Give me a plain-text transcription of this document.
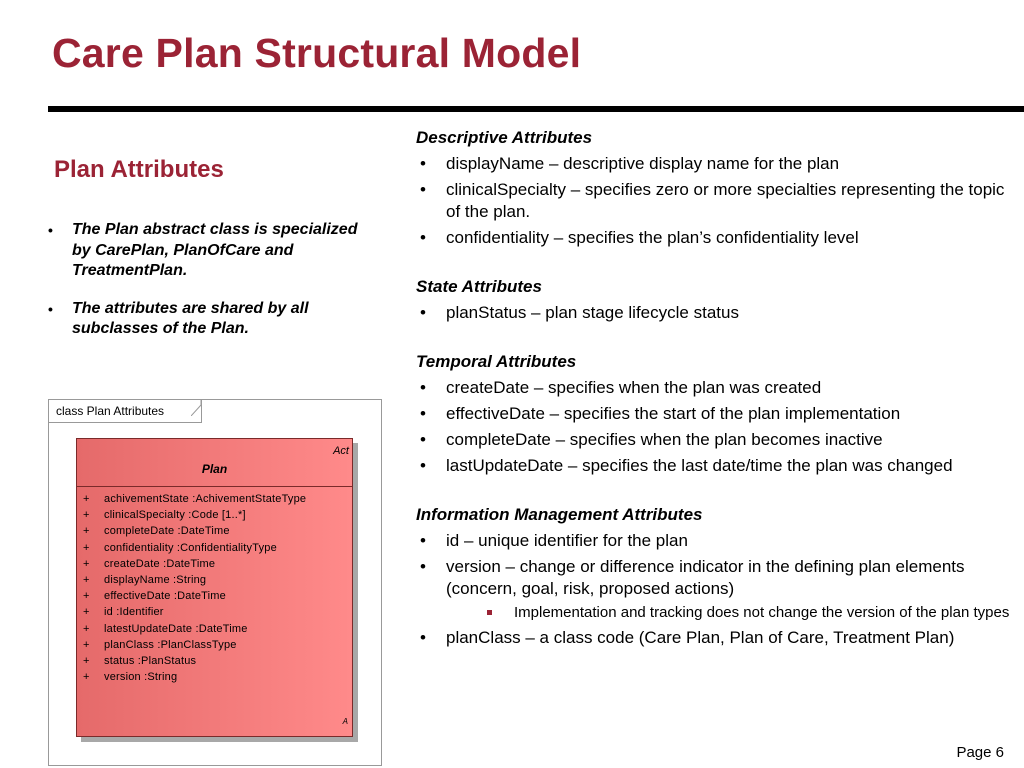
Care Plan Structural Model
Plan Attributes
• The Plan abstract class is specialized by CarePlan, PlanOfCare and TreatmentPlan.
• The attributes are shared by all subclasses of the Plan.
class Plan Attributes
Act
Plan
+ achivementState :AchivementStateType
+ clinicalSpecialty :Code [1..*]
+ completeDate :DateTime
+ confidentiality :ConfidentialityType
+ createDate :DateTime
+ displayName :String
+ effectiveDate :DateTime
+ id :Identifier
+ latestUpdateDate :DateTime
+ planClass :PlanClassType
+ status :PlanStatus
+ version :String
A
Descriptive Attributes
• displayName – descriptive display name for the plan
• clinicalSpecialty – specifies zero or more specialties representing the topic of the plan.
• confidentiality – specifies the plan’s confidentiality level
State Attributes
• planStatus – plan stage lifecycle status
Temporal Attributes
• createDate – specifies when the plan was created
• effectiveDate – specifies the start of the plan implementation
• completeDate – specifies when the plan becomes inactive
• lastUpdateDate – specifies the last date/time the plan was changed
Information Management Attributes
• id – unique identifier for the plan
• version – change or difference indicator in the defining plan elements (concern, goal, risk, proposed actions)
Implementation and tracking does not change the version of the plan types
• planClass – a class code (Care Plan, Plan of Care, Treatment Plan)
Page 6
